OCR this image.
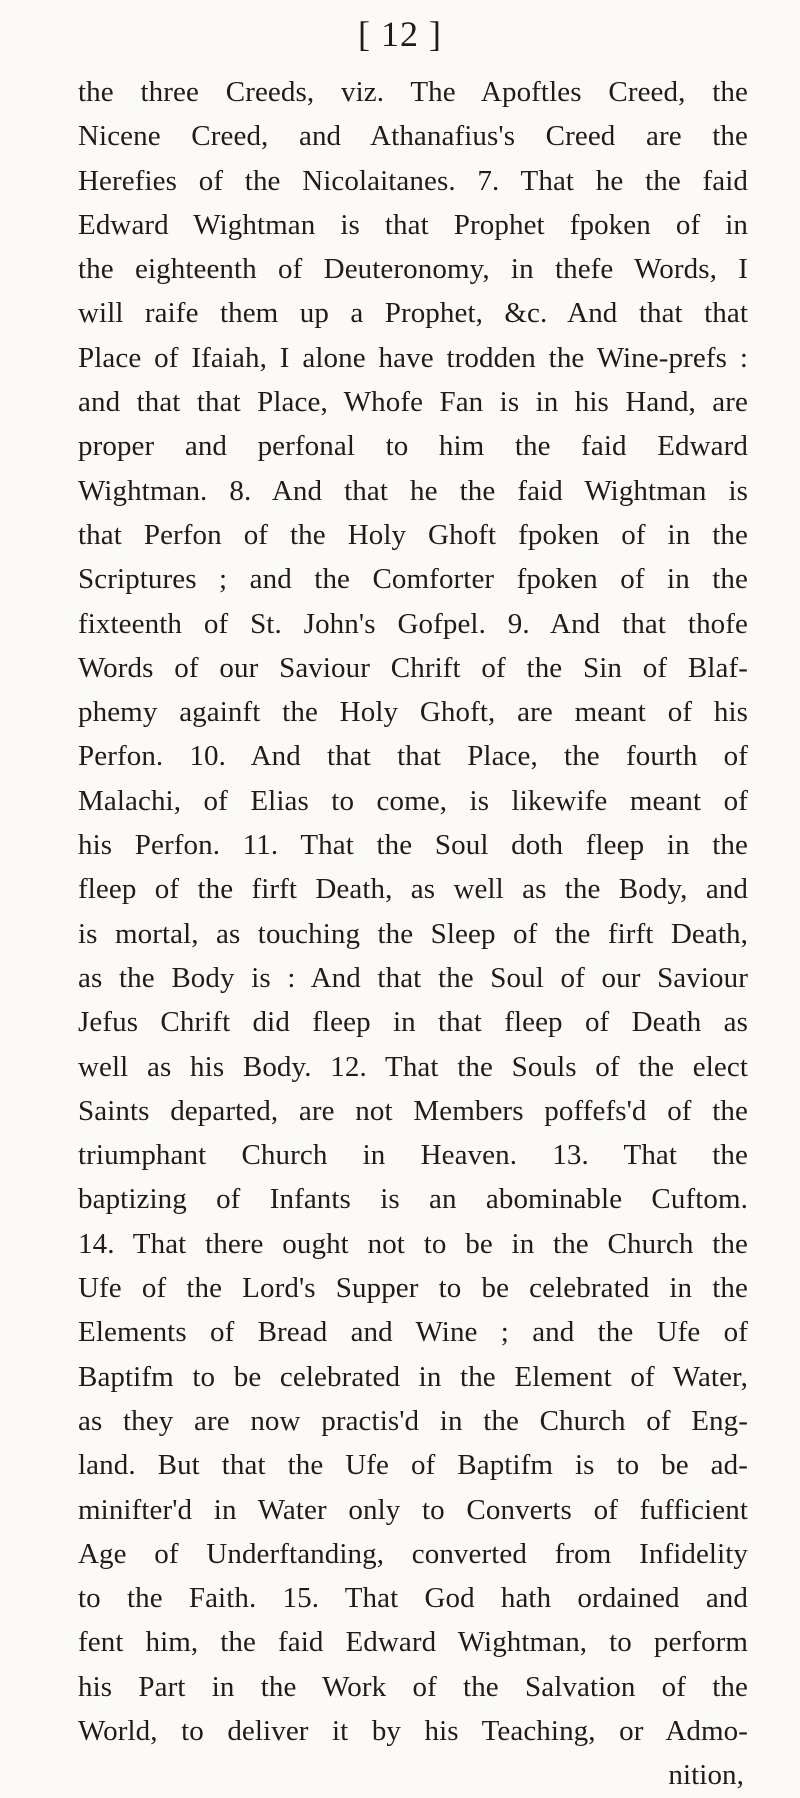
[ 12 ]
the three Creeds, viz. The Apoftles Creed, the
Nicene Creed, and Athanafius's Creed are the
Herefies of the Nicolaitanes. 7. That he the faid
Edward Wightman is that Prophet fpoken of in
the eighteenth of Deuteronomy, in thefe Words, I
will raife them up a Prophet, &c. And that that
Place of Ifaiah, I alone have trodden the Wine-prefs :
and that that Place, Whofe Fan is in his Hand, are
proper and perfonal to him the faid Edward
Wightman. 8. And that he the faid Wightman is
that Perfon of the Holy Ghoft fpoken of in the
Scriptures ; and the Comforter fpoken of in the
fixteenth of St. John's Gofpel. 9. And that thofe
Words of our Saviour Chrift of the Sin of Blaf-
phemy againft the Holy Ghoft, are meant of his
Perfon. 10. And that that Place, the fourth of
Malachi, of Elias to come, is likewife meant of
his Perfon. 11. That the Soul doth fleep in the
fleep of the firft Death, as well as the Body, and
is mortal, as touching the Sleep of the firft Death,
as the Body is : And that the Soul of our Saviour
Jefus Chrift did fleep in that fleep of Death as
well as his Body. 12. That the Souls of the elect
Saints departed, are not Members poffefs'd of the
triumphant Church in Heaven. 13. That the
baptizing of Infants is an abominable Cuftom.
14. That there ought not to be in the Church the
Ufe of the Lord's Supper to be celebrated in the
Elements of Bread and Wine ; and the Ufe of
Baptifm to be celebrated in the Element of Water,
as they are now practis'd in the Church of Eng-
land. But that the Ufe of Baptifm is to be ad-
minifter'd in Water only to Converts of fufficient
Age of Underftanding, converted from Infidelity
to the Faith. 15. That God hath ordained and
fent him, the faid Edward Wightman, to perform
his Part in the Work of the Salvation of the
World, to deliver it by his Teaching, or Admo-
nition,
